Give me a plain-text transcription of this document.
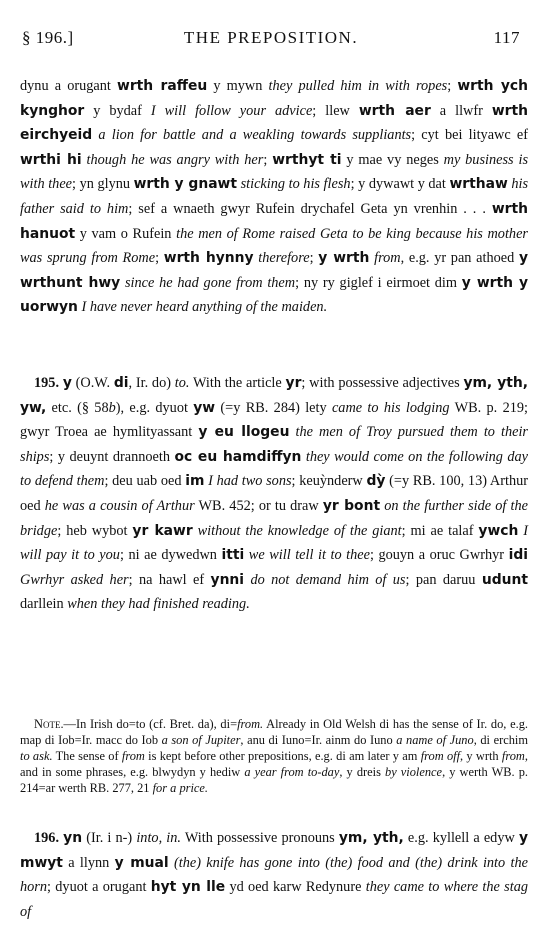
§ 196.]	THE PREPOSITION.	117
dynu a orugant wrth raffeu y mywn they pulled him in with ropes; wrth ych kynghor y bydaf I will follow your advice; llew wrth aer a llwfr wrth eirchyeid a lion for battle and a weakling towards suppliants; cyt bei lityawc ef wrthi hi though he was angry with her; wrthyt ti y mae vy neges my business is with thee; yn glynu wrth y gnawt sticking to his flesh; y dywawt y dat wrthaw his father said to him; sef a wnaeth gwyr Rufein drychafel Geta yn vrenhin . . . wrth hanuot y vam o Rufein the men of Rome raised Geta to be king because his mother was sprung from Rome; wrth hynny therefore; y wrth from, e.g. yr pan athoed y wrthunt hwy since he had gone from them; ny ry giglef i eirmoet dim y wrth y uorwyn I have never heard anything of the maiden.
195. y (O.W. di, Ir. do) to. With the article yr; with possessive adjectives ym, yth, yw, etc. (§ 58b), e.g. dyuot yw (=y RB. 284) lety came to his lodging WB. p. 219; gwyr Troea ae hymlityassant y eu llogeu the men of Troy pursued them to their ships; y deuynt drannoeth oc eu hamdiffyn they would come on the following day to defend them; deu uab oed im I had two sons; keuỳnderw dỳ (=y RB. 100, 13) Arthur oed he was a cousin of Arthur WB. 452; or tu draw yr bont on the further side of the bridge; heb wybot yr kawr without the knowledge of the giant; mi ae talaf ywch I will pay it to you; ni ae dywedwn itti we will tell it to thee; gouyn a oruc Gwrhyr idi Gwrhyr asked her; na hawl ef ynni do not demand him of us; pan daruu udunt darllein when they had finished reading.
Note.—In Irish do=to (cf. Bret. da), di=from. Already in Old Welsh di has the sense of Ir. do, e.g. map di Iob=Ir. macc do Iob a son of Jupiter, anu di Iuno=Ir. ainm do Iuno a name of Juno, di erchim to ask. The sense of from is kept before other prepositions, e.g. di am later y am from off, y wrth from, and in some phrases, e.g. blwydyn y hediw a year from to-day, y dreis by violence, y werth WB. p. 214=ar werth RB. 277, 21 for a price.
196. yn (Ir. i n-) into, in. With possessive pronouns ym, yth, e.g. kyllell a edyw y mwyt a llynn y mual (the) knife has gone into (the) food and (the) drink into the horn; dyuot a orugant hyt yn lle yd oed karw Redynure they came to where the stag of
